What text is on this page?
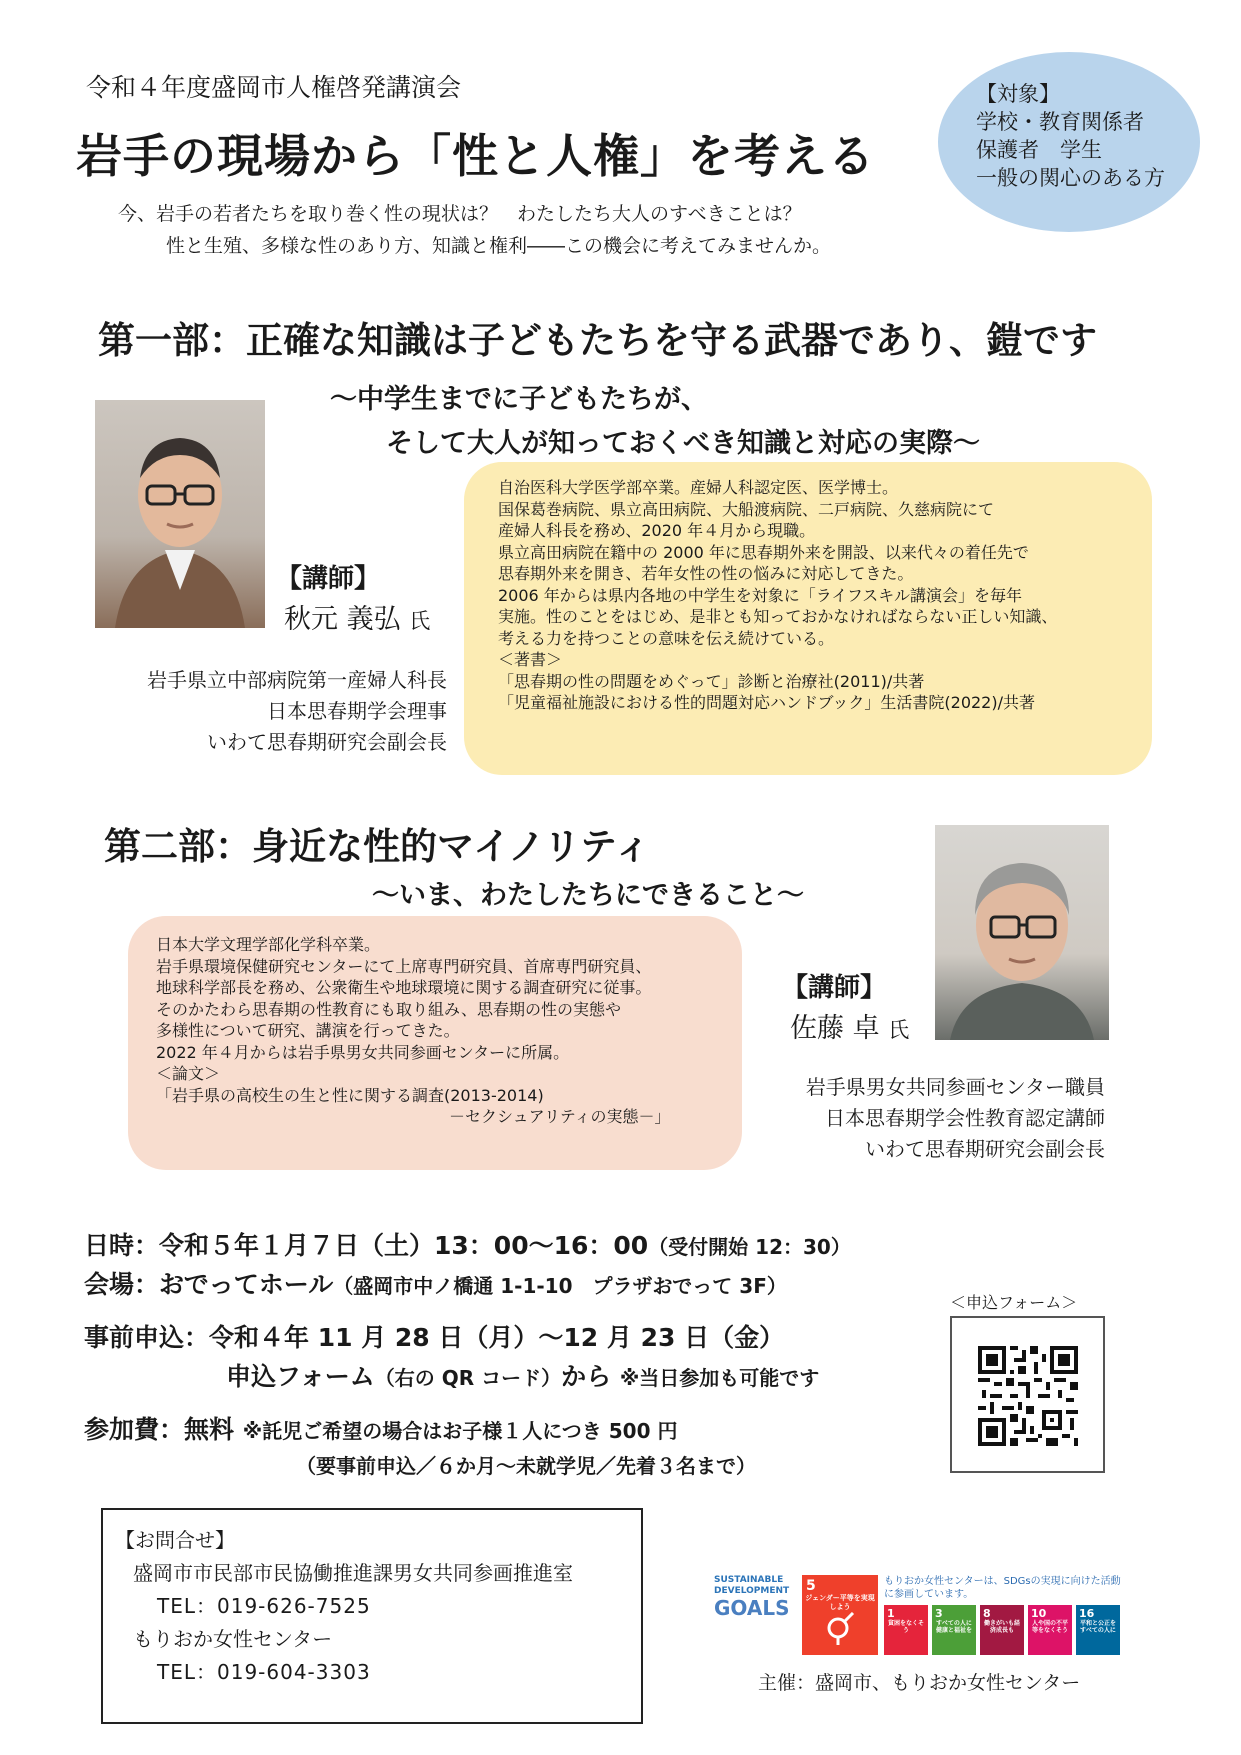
令和４年度盛岡市人権啓発講演会
岩手の現場から「性と人権」を考える
【対象】
学校・教育関係者
保護者　学生
一般の関心のある方
今、岩手の若者たちを取り巻く性の現状は？　わたしたち大人のすべきことは？
性と生殖、多様な性のあり方、知識と権利――この機会に考えてみませんか。
第一部：正確な知識は子どもたちを守る武器であり、鎧です
～中学生までに子どもたちが、
そして大人が知っておくべき知識と対応の実際～
【講師】
秋元 義弘 氏
岩手県立中部病院第一産婦人科長
日本思春期学会理事
いわて思春期研究会副会長
自治医科大学医学部卒業。産婦人科認定医、医学博士。
国保葛巻病院、県立高田病院、大船渡病院、二戸病院、久慈病院にて
産婦人科長を務め、2020 年４月から現職。
県立高田病院在籍中の 2000 年に思春期外来を開設、以来代々の着任先で
思春期外来を開き、若年女性の性の悩みに対応してきた。
2006 年からは県内各地の中学生を対象に「ライフスキル講演会」を毎年
実施。性のことをはじめ、是非とも知っておかなければならない正しい知識、
考える力を持つことの意味を伝え続けている。
＜著書＞
「思春期の性の問題をめぐって」診断と治療社(2011)/共著
「児童福祉施設における性的問題対応ハンドブック」生活書院(2022)/共著
第二部：身近な性的マイノリティ
～いま、わたしたちにできること～
日本大学文理学部化学科卒業。
岩手県環境保健研究センターにて上席専門研究員、首席専門研究員、
地球科学部長を務め、公衆衛生や地球環境に関する調査研究に従事。
そのかたわら思春期の性教育にも取り組み、思春期の性の実態や
多様性について研究、講演を行ってきた。
2022 年４月からは岩手県男女共同参画センターに所属。
＜論文＞
「岩手県の高校生の生と性に関する調査(2013-2014)
－セクシュアリティの実態－」
【講師】
佐藤 卓 氏
岩手県男女共同参画センター職員
日本思春期学会性教育認定講師
いわて思春期研究会副会長
日時：令和５年１月７日（土）13：00～16：00（受付開始 12：30）
会場：おでってホール（盛岡市中ノ橋通 1-1-10　プラザおでって 3F）
事前申込：令和４年 11 月 28 日（月）～12 月 23 日（金）
申込フォーム（右の QR コード）から ※当日参加も可能です
参加費：無料 ※託児ご希望の場合はお子様１人につき 500 円
（要事前申込／６か月～未就学児／先着３名まで）
＜申込フォーム＞
【お問合せ】
盛岡市市民部市民協働推進課男女共同参画推進室
TEL：019-626-7525
もりおか女性センター
TEL：019-604-3303
SUSTAINABLE
DEVELOPMENT
GOALS
5
ジェンダー平等を実現しよう
もりおか女性センターは、SDGsの実現に向けた活動に参画しています。
1
貧困をなくそう
3
すべての人に健康と福祉を
8
働きがいも経済成長も
10
人や国の不平等をなくそう
16
平和と公正をすべての人に
主催：盛岡市、もりおか女性センター
